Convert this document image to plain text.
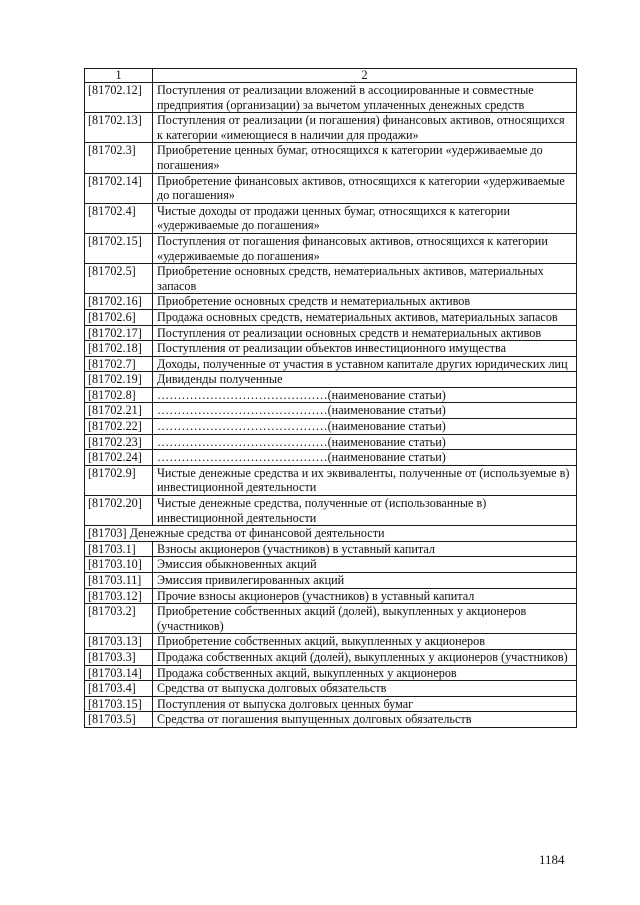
1	2
[81702.12]	Поступления от реализации вложений в ассоциированные и совместные предприятия (организации) за вычетом уплаченных денежных средств
[81702.13]	Поступления от реализации (и погашения) финансовых активов, относящихся к категории «имеющиеся в наличии для продажи»
[81702.3]	Приобретение ценных бумаг, относящихся к категории «удерживаемые до погашения»
[81702.14]	Приобретение финансовых активов, относящихся к категории «удерживаемые до погашения»
[81702.4]	Чистые доходы от продажи ценных бумаг, относящихся к категории «удерживаемые до погашения»
[81702.15]	Поступления от погашения финансовых активов, относящихся к категории «удерживаемые до погашения»
[81702.5]	Приобретение основных средств, нематериальных активов, материальных запасов
[81702.16]	Приобретение основных средств и нематериальных активов
[81702.6]	Продажа основных средств, нематериальных активов, материальных запасов
[81702.17]	Поступления от реализации основных средств и нематериальных активов
[81702.18]	Поступления от реализации объектов инвестиционного имущества
[81702.7]	Доходы, полученные от участия в уставном капитале других юридических лиц
[81702.19]	Дивиденды полученные
[81702.8]	……………………………………(наименование статьи)
[81702.21]	……………………………………(наименование статьи)
[81702.22]	……………………………………(наименование статьи)
[81702.23]	……………………………………(наименование статьи)
[81702.24]	……………………………………(наименование статьи)
[81702.9]	Чистые денежные средства и их эквиваленты, полученные от (используемые в) инвестиционной деятельности
[81702.20]	Чистые денежные средства, полученные от (использованные в) инвестиционной деятельности
[81703] Денежные средства от финансовой деятельности	
[81703.1]	Взносы акционеров (участников) в уставный капитал
[81703.10]	Эмиссия обыкновенных акций
[81703.11]	Эмиссия привилегированных акций
[81703.12]	Прочие взносы акционеров (участников) в уставный капитал
[81703.2]	Приобретение собственных акций (долей), выкупленных у акционеров (участников)
[81703.13]	Приобретение собственных акций, выкупленных у акционеров
[81703.3]	Продажа собственных акций (долей), выкупленных у акционеров (участников)
[81703.14]	Продажа собственных акций, выкупленных у акционеров
[81703.4]	Средства от выпуска долговых обязательств
[81703.15]	Поступления от выпуска долговых ценных бумаг
[81703.5]	Средства от погашения выпущенных долговых обязательств
1184
